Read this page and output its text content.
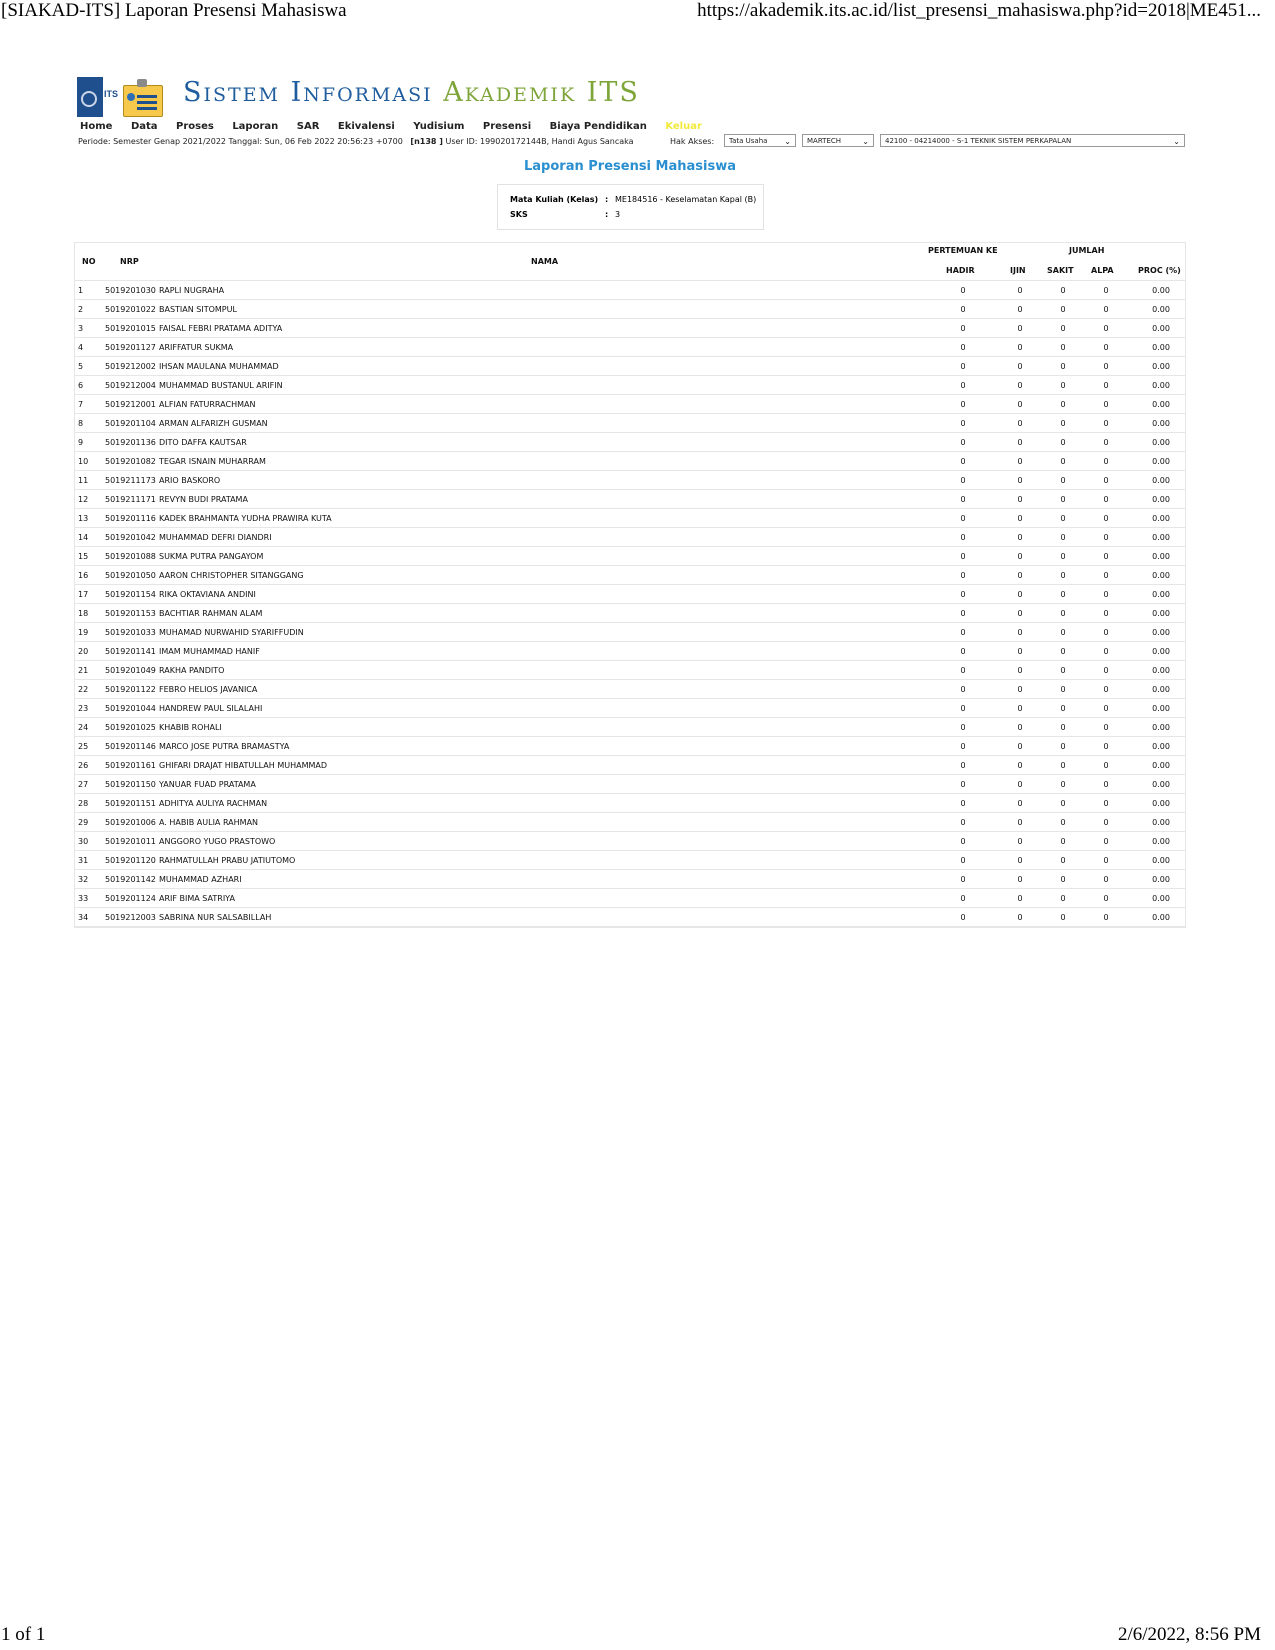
[SIAKAD-ITS] Laporan Presensi Mahasiswa	https://akademik.its.ac.id/list_presensi_mahasiswa.php?id=2018|ME451...
ITS Sistem Informasi Akademik ITS
Home Data Proses Laporan SAR Ekivalensi Yudisium Presensi Biaya Pendidikan Keluar
Periode: Semester Genap 2021/2022 Tanggal: Sun, 06 Feb 2022 20:56:23 +0700 [n138 ] User ID: 199020172144B, Handi Agus Sancaka	Hak Akses:	Tata Usaha ⌄	MARTECH	⌄	42100 - 04214000 - S-1 TEKNIK SISTEM PERKAPALAN	⌄
Laporan Presensi Mahasiswa
Mata Kuliah (Kelas) : ME184516 - Keselamatan Kapal (B)
SKS	: 3
NO	NRP	NAMA
PERTEMUAN KE	JUMLAH
HADIR	IJIN	SAKIT ALPA	PROC (%)
1	5019201030 RAPLI NUGRAHA	0	0	0	0	0.00
2	5019201022 BASTIAN SITOMPUL	0	0	0	0	0.00
3	5019201015 FAISAL FEBRI PRATAMA ADITYA	0	0	0	0	0.00
4	5019201127 ARIFFATUR SUKMA	0	0	0	0	0.00
5	5019212002 IHSAN MAULANA MUHAMMAD	0	0	0	0	0.00
6	5019212004 MUHAMMAD BUSTANUL ARIFIN	0	0	0	0	0.00
7	5019212001 ALFIAN FATURRACHMAN	0	0	0	0	0.00
8	5019201104 ARMAN ALFARIZH GUSMAN	0	0	0	0	0.00
9	5019201136 DITO DAFFA KAUTSAR	0	0	0	0	0.00
10 5019201082 TEGAR ISNAIN MUHARRAM	0	0	0	0	0.00
11 5019211173 ARIO BASKORO	0	0	0	0	0.00
12 5019211171 REVYN BUDI PRATAMA	0	0	0	0	0.00
13 5019201116 KADEK BRAHMANTA YUDHA PRAWIRA KUTA	0	0	0	0	0.00
14 5019201042 MUHAMMAD DEFRI DIANDRI	0	0	0	0	0.00
15 5019201088 SUKMA PUTRA PANGAYOM	0	0	0	0	0.00
16 5019201050 AARON CHRISTOPHER SITANGGANG	0	0	0	0	0.00
17 5019201154 RIKA OKTAVIANA ANDINI	0	0	0	0	0.00
18 5019201153 BACHTIAR RAHMAN ALAM	0	0	0	0	0.00
19 5019201033 MUHAMAD NURWAHID SYARIFFUDIN	0	0	0	0	0.00
20 5019201141 IMAM MUHAMMAD HANIF	0	0	0	0	0.00
21 5019201049 RAKHA PANDITO	0	0	0	0	0.00
22 5019201122 FEBRO HELIOS JAVANICA	0	0	0	0	0.00
23 5019201044 HANDREW PAUL SILALAHI	0	0	0	0	0.00
24 5019201025 KHABIB ROHALI	0	0	0	0	0.00
25 5019201146 MARCO JOSE PUTRA BRAMASTYA	0	0	0	0	0.00
26 5019201161 GHIFARI DRAJAT HIBATULLAH MUHAMMAD	0	0	0	0	0.00
27 5019201150 YANUAR FUAD PRATAMA	0	0	0	0	0.00
28 5019201151 ADHITYA AULIYA RACHMAN	0	0	0	0	0.00
29 5019201006 A. HABIB AULIA RAHMAN	0	0	0	0	0.00
30 5019201011 ANGGORO YUGO PRASTOWO	0	0	0	0	0.00
31 5019201120 RAHMATULLAH PRABU JATIUTOMO	0	0	0	0	0.00
32 5019201142 MUHAMMAD AZHARI	0	0	0	0	0.00
33 5019201124 ARIF BIMA SATRIYA	0	0	0	0	0.00
34 5019212003 SABRINA NUR SALSABILLAH	0	0	0	0	0.00
1 of 1	2/6/2022, 8:56 PM
